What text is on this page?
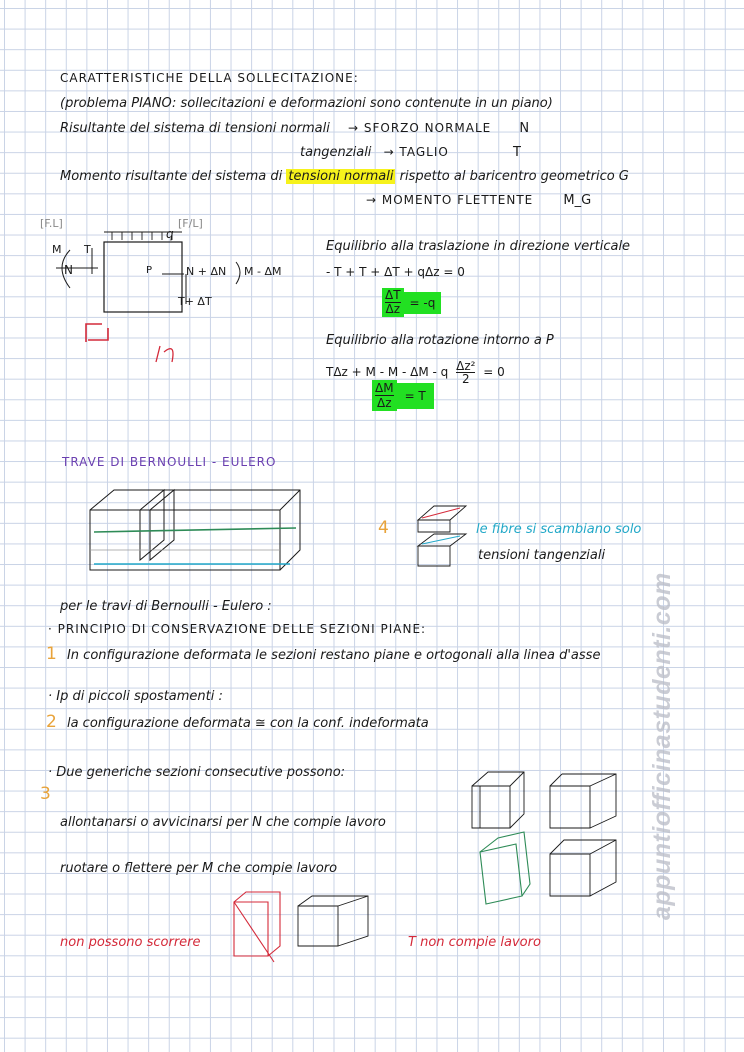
CARATTERISTICHE DELLA SOLLECITAZIONE:
(problema PIANO: sollecitazioni e deformazioni sono contenute in un piano)
Risultante del sistema di tensioni normali → SFORZO NORMALE N
tangenziali → TAGLIO	T
Momento risultante del sistema di tensioni normali rispetto al baricentro geometrico G
→ MOMENTO FLETTENTE M_G
[F.L]
q
[F/L]
M
N
T
P	N + ΔN M - ΔM
T+ ΔT
Equilibrio alla traslazione in direzione verticale
- T + T + ΔT + qΔz = 0
ΔT
Δz = -q
Equilibrio alla rotazione intorno a P
TΔz + M - M - ΔM - q $\frac{\text{Δz²}}{2} = 0$
ΔM
Δz
= T
TRAVE DI BERNOULLI - EULERO
4	le fibre si scambiano solo
tensioni tangenziali
per le travi di Bernoulli - Eulero :
· PRINCIPIO DI CONSERVAZIONE DELLE SEZIONI PIANE:
1 In configurazione deformata le sezioni restano piane e ortogonali alla linea d'asse
· Ip di piccoli spostamenti :
2 la configurazione deformata ≅ con la conf. indeformata
· Due generiche sezioni consecutive possono:
3
allontanarsi o avvicinarsi per N che compie lavoro
ruotare o flettere per M che compie lavoro
non possono scorrere	T non compie lavoro
appuntiofficinastudenti.com
